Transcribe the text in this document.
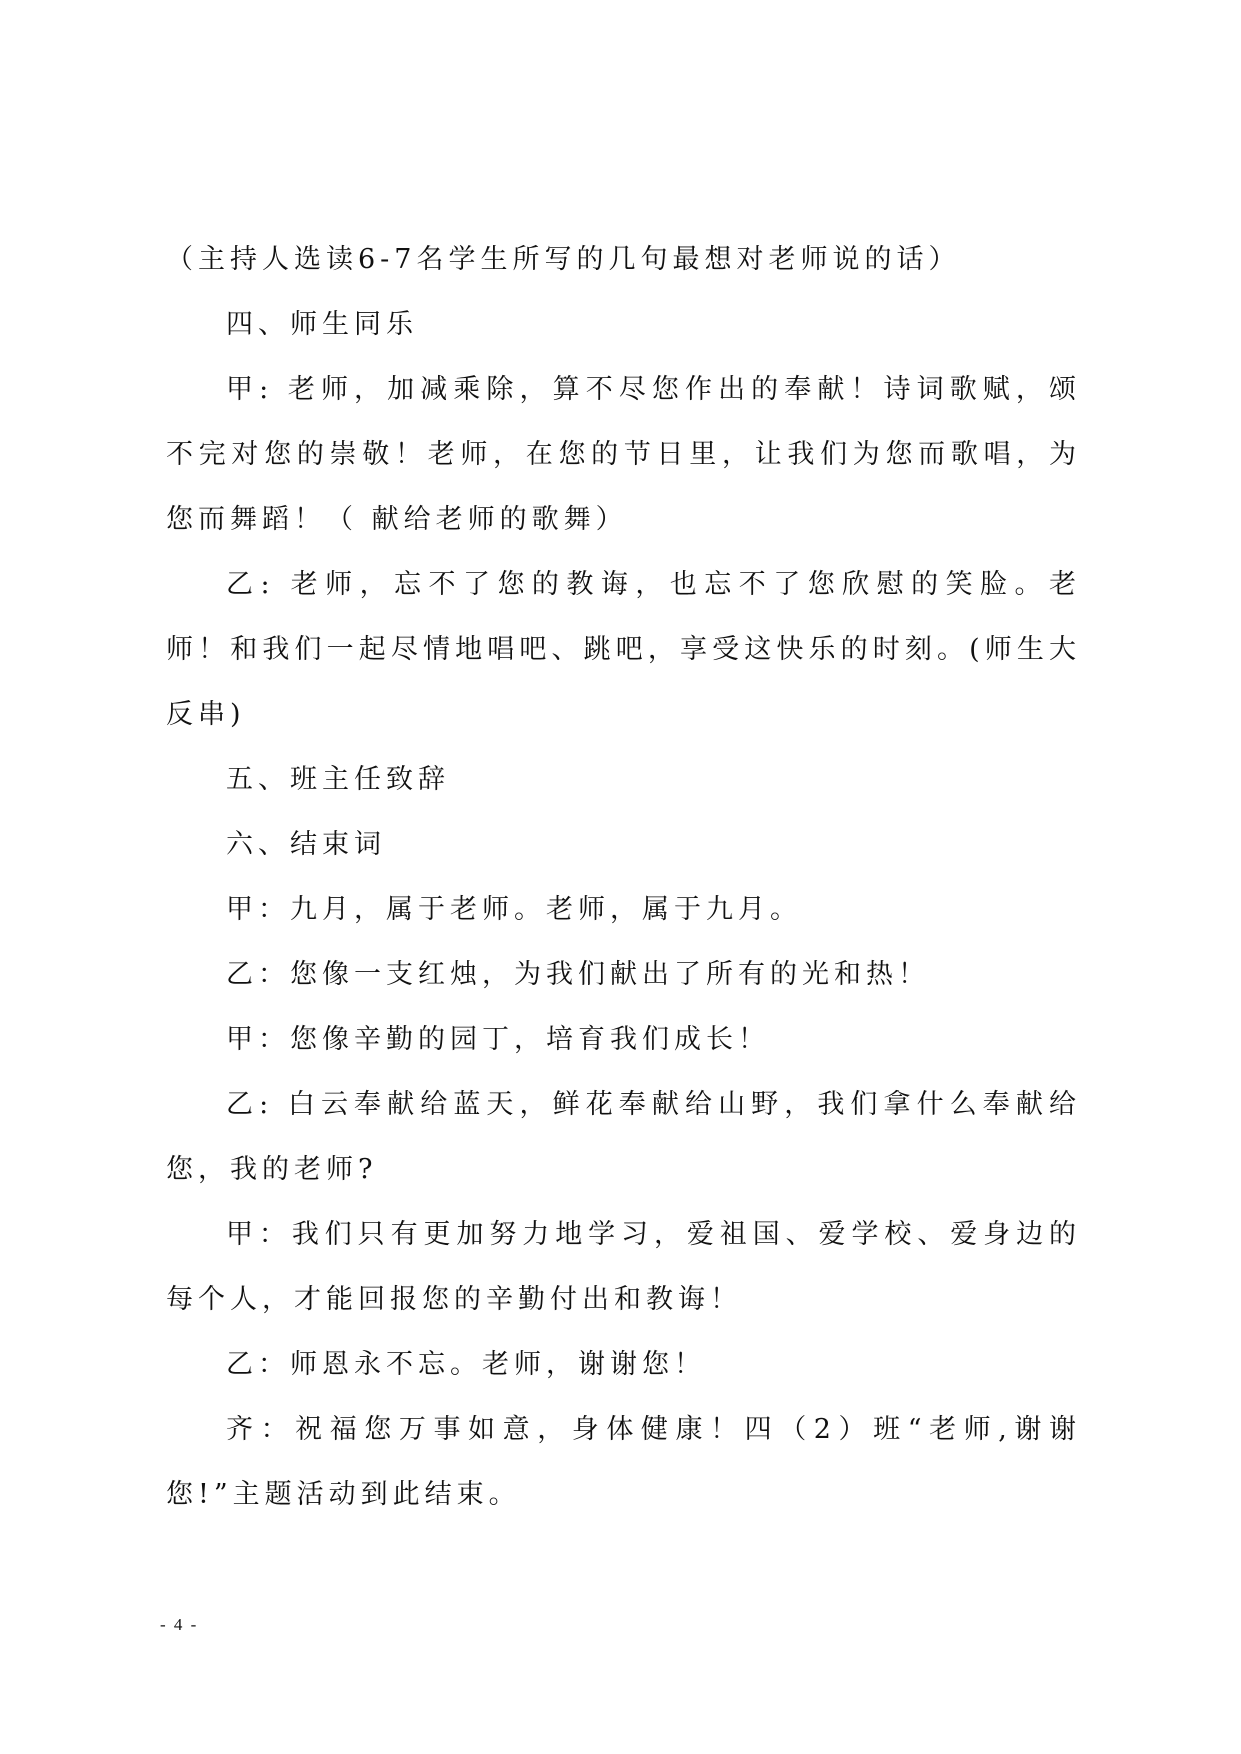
（主持人选读6-7名学生所写的几句最想对老师说的话）

四、师生同乐

甲: 老师，加减乘除，算不尽您作出的奉献！诗词歌赋，颂不完对您的崇敬！老师，在您的节日里，让我们为您而歌唱，为您而舞蹈！（ 献给老师的歌舞）

乙: 老师，忘不了您的教诲，也忘不了您欣慰的笑脸。老师！和我们一起尽情地唱吧、跳吧，享受这快乐的时刻。(师生大反串)

五、班主任致辞

六、结束词

甲：九月，属于老师。老师，属于九月。

乙：您像一支红烛，为我们献出了所有的光和热！

甲：您像辛勤的园丁，培育我们成长！

乙: 白云奉献给蓝天，鲜花奉献给山野，我们拿什么奉献给您，我的老师?

甲：我们只有更加努力地学习，爱祖国、爱学校、爱身边的每个人，才能回报您的辛勤付出和教诲！

乙：师恩永不忘。老师，谢谢您！

齐：祝福您万事如意，身体健康！四（2）班“老师,谢谢您!”主题活动到此结束。

- 4 -
